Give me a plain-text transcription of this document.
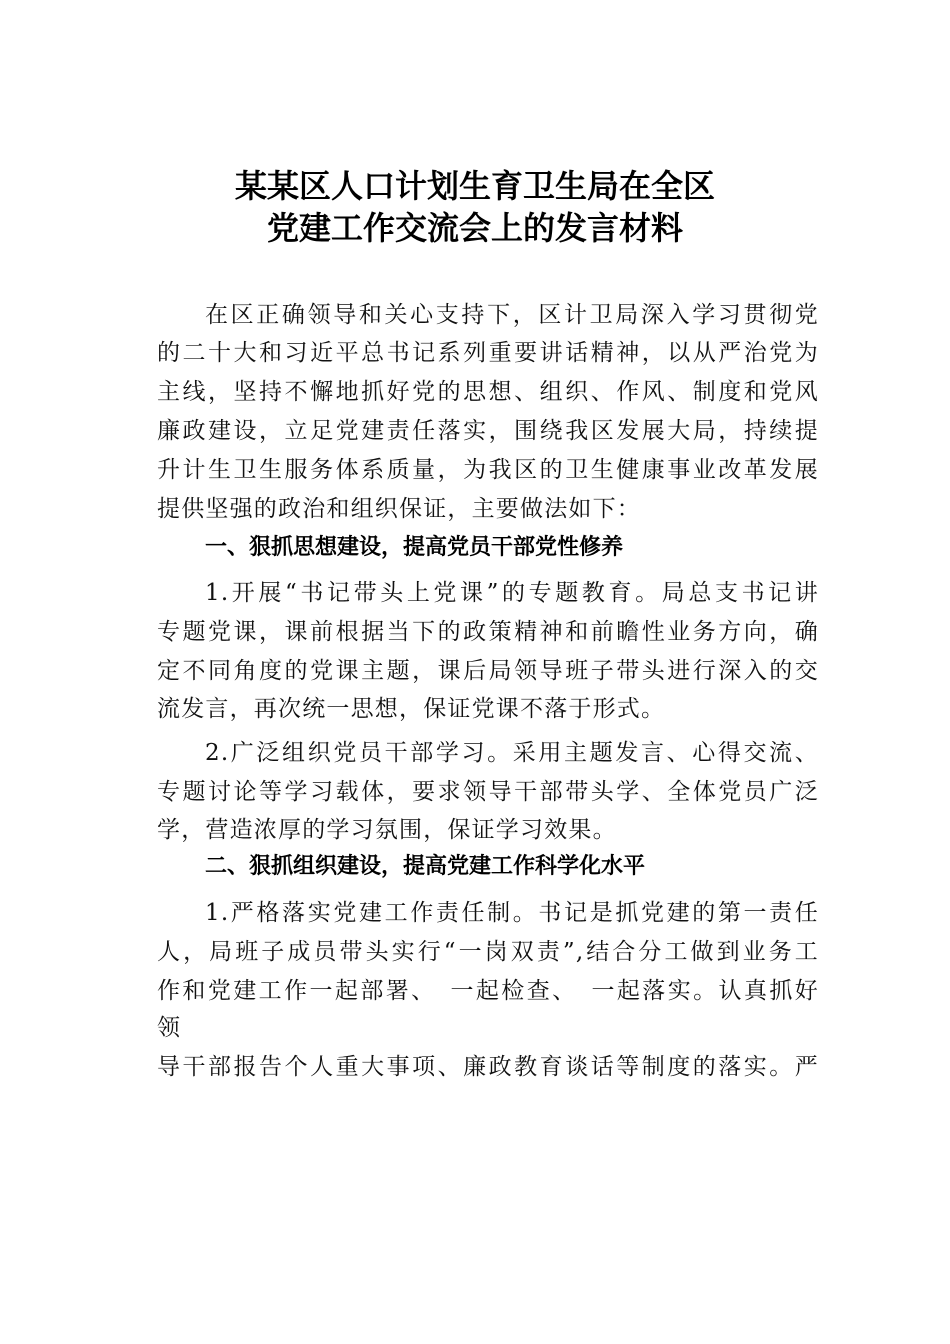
某某区人口计划生育卫生局在全区
党建工作交流会上的发言材料
在区正确领导和关心支持下，区计卫局深入学习贯彻党
的二十大和习近平总书记系列重要讲话精神，以从严治党为
主线，坚持不懈地抓好党的思想、组织、作风、制度和党风
廉政建设，立足党建责任落实，围绕我区发展大局，持续提
升计生卫生服务体系质量，为我区的卫生健康事业改革发展
提供坚强的政治和组织保证，主要做法如下：
一、狠抓思想建设，提高党员干部党性修养
1.开展“书记带头上党课”的专题教育。局总支书记讲
专题党课，课前根据当下的政策精神和前瞻性业务方向，确
定不同角度的党课主题，课后局领导班子带头进行深入的交
流发言，再次统一思想，保证党课不落于形式。
2.广泛组织党员干部学习。采用主题发言、心得交流、
专题讨论等学习载体，要求领导干部带头学、全体党员广泛
学，营造浓厚的学习氛围，保证学习效果。
二、狠抓组织建设，提高党建工作科学化水平
1.严格落实党建工作责任制。书记是抓党建的第一责任
人，局班子成员带头实行“一岗双责”,结合分工做到业务工
作和党建工作一起部署、　一起检查、　一起落实。认真抓好
领
导干部报告个人重大事项、廉政教育谈话等制度的落实。严
